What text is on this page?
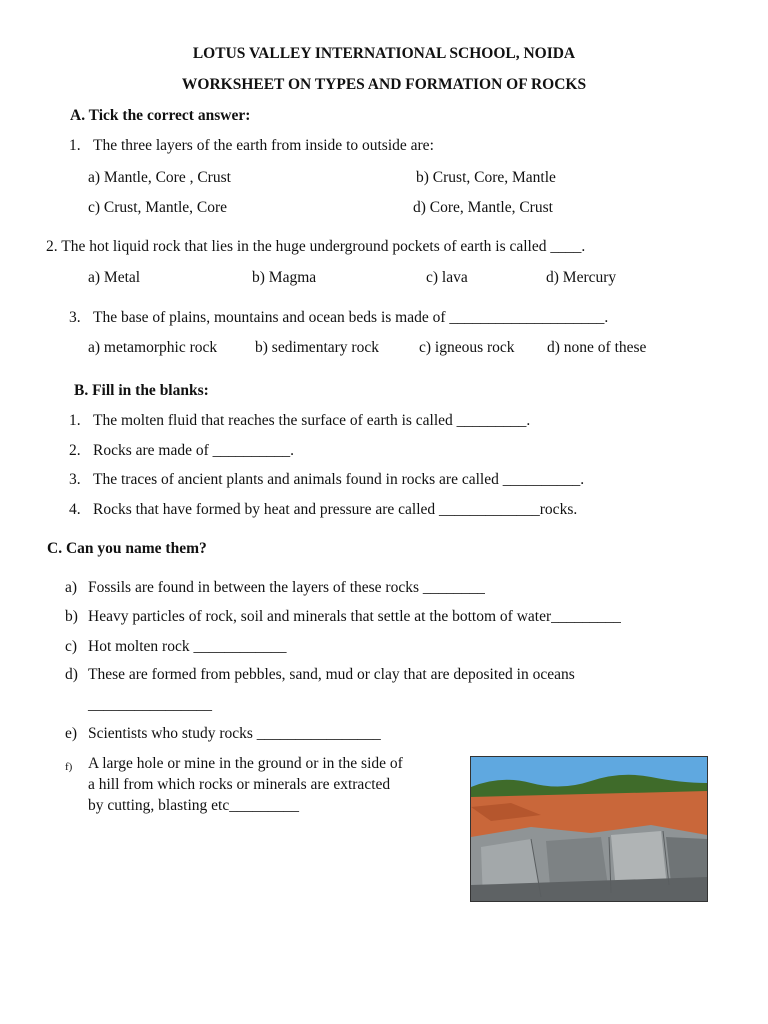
LOTUS VALLEY INTERNATIONAL SCHOOL, NOIDA
WORKSHEET ON TYPES AND FORMATION OF ROCKS
A. Tick the correct answer:
1. The three layers of the earth from inside to outside are:
a) Mantle, Core , Crust	b) Crust, Core, Mantle
c) Crust, Mantle, Core	d) Core, Mantle, Crust
2. The hot liquid rock that lies in the huge underground pockets of earth is called ____.
a) Metal	b) Magma	c) lava	d) Mercury
3. The base of plains, mountains and ocean beds is made of ____________________.
a) metamorphic rock b) sedimentary rock	c) igneous rock d) none of these
B. Fill in the blanks:
1. The molten fluid that reaches the surface of earth is called _________.
2. Rocks are made of __________.
3. The traces of ancient plants and animals found in rocks are called __________.
4. Rocks that have formed by heat and pressure are called _____________rocks.
C. Can you name them?
a) Fossils are found in between the layers of these rocks ________
b) Heavy particles of rock, soil and minerals that settle at the bottom of water_________
c) Hot molten rock ____________
d) These are formed from pebbles, sand, mud or clay that are deposited in oceans
________________
e) Scientists who study rocks ________________
f) A large hole or mine in the ground or in the side of
a hill from which rocks or minerals are extracted
by cutting, blasting etc_________
